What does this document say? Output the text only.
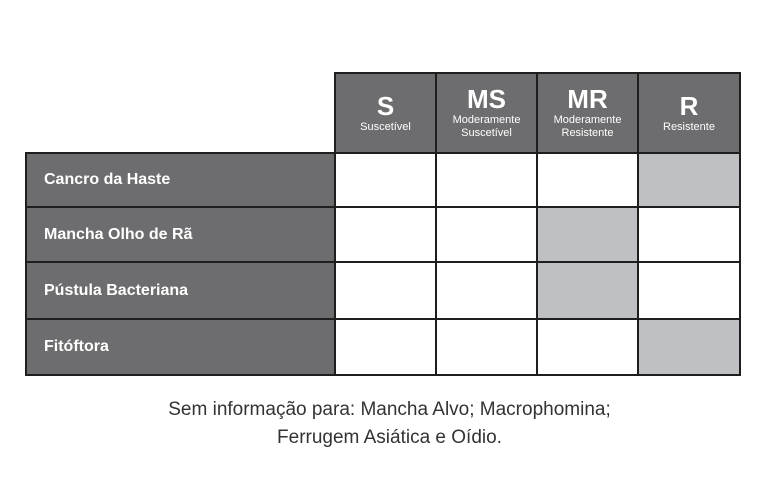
S
Suscetível
MS
Moderamente
Suscetível
MR
Moderamente
Resistente
R
Resistente
Cancro da Haste
Mancha Olho de Rã
Pústula Bacteriana
Fitóftora
Sem informação para: Mancha Alvo; Macrophomina;
Ferrugem Asiática e Oídio.
